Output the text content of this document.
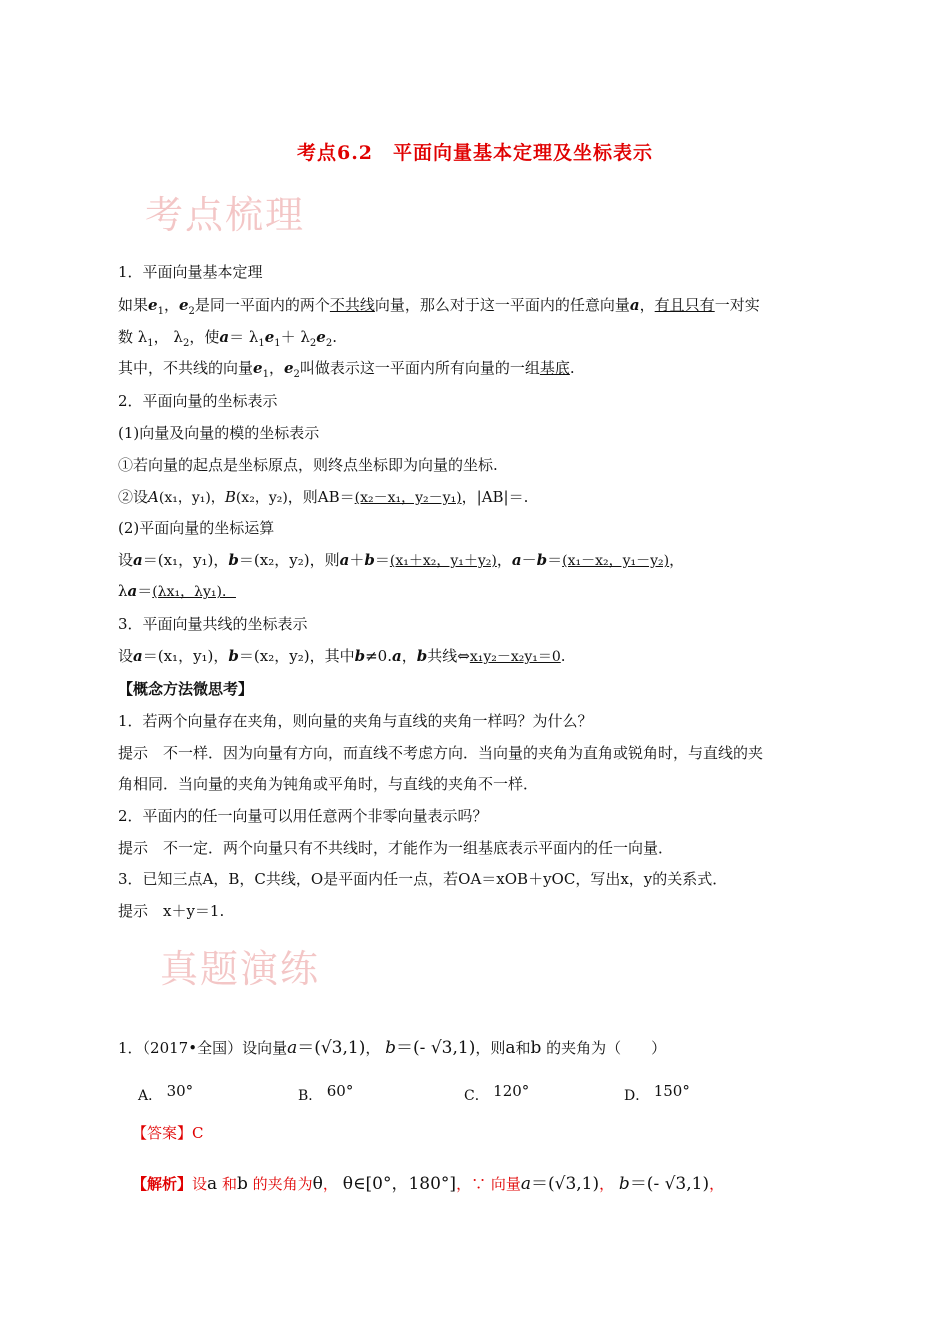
考点6.2　平面向量基本定理及坐标表示
考点梳理
1．平面向量基本定理
如果$e_1$，$e_2$是同一平面内的两个不共线向量，那么对于这一平面内的任意向量a，有且只有一对实
数 $\lambda_1$， $\lambda_2$，使$a= \lambda_1e_1+ \lambda_2e_2$.
其中，不共线的向量$e_1$，$e_2$叫做表示这一平面内所有向量的一组基底.
2．平面向量的坐标表示
(1)向量及向量的模的坐标表示
①若向量的起点是坐标原点，则终点坐标即为向量的坐标.
②设A(x₁，y₁)，B(x₂，y₂)，则AB＝(x₂－x₁，y₂－y₁)，|AB|＝.
(2)平面向量的坐标运算
设a＝(x₁，y₁)，b＝(x₂，y₂)，则a＋b＝(x₁＋x₂，y₁＋y₂)，a－b＝(x₁－x₂，y₁－y₂)，
λa＝(λx₁，λy₁)．
3．平面向量共线的坐标表示
设a＝(x₁，y₁)，b＝(x₂，y₂)，其中b≠0.a，b共线⇔x₁y₂－x₂y₁＝0.
【概念方法微思考】
1．若两个向量存在夹角，则向量的夹角与直线的夹角一样吗？为什么？
提示　不一样．因为向量有方向，而直线不考虑方向．当向量的夹角为直角或锐角时，与直线的夹
角相同．当向量的夹角为钝角或平角时，与直线的夹角不一样．
2．平面内的任一向量可以用任意两个非零向量表示吗？
提示　不一定．两个向量只有不共线时，才能作为一组基底表示平面内的任一向量．
3．已知三点A，B，C共线，O是平面内任一点，若OA＝xOB＋yOC，写出x，y的关系式．
提示　x＋y＝1.
真题演练
1．（2017•全国）设向量a＝(√3,1)， b＝(- √3,1)，则a和b 的夹角为（　　）
A． 30°	B． 60°	C． 120°	D． 150°
【答案】C
【解析】设a 和b 的夹角为θ， θ∈[0°，180°]，∵ 向量a＝(√3,1)， b＝(- √3,1)，
